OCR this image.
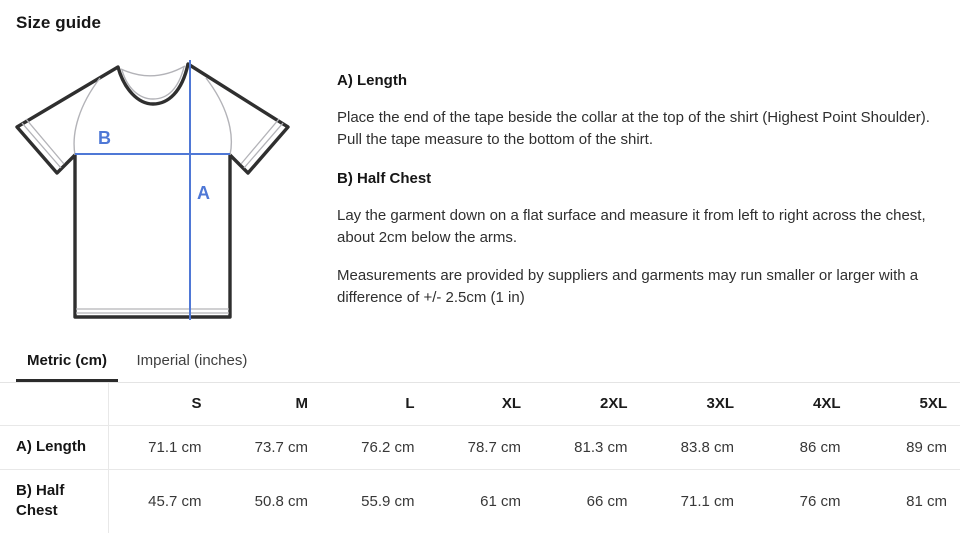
Size guide
B
A
A) Length

Place the end of the tape beside the collar at the top of the shirt (Highest Point Shoulder). Pull the tape measure to the bottom of the shirt.

B) Half Chest

Lay the garment down on a flat surface and measure it from left to right across the chest, about 2cm below the arms.

Measurements are provided by suppliers and garments may run smaller or larger with a difference of +/- 2.5cm (1 in)

Metric (cm) Imperial (inches)
	S	M	L	XL	2XL	3XL	4XL	5XL
A) Length	71.1 cm	73.7 cm	76.2 cm	78.7 cm	81.3 cm	83.8 cm	86 cm	89 cm
B) Half Chest	45.7 cm	50.8 cm	55.9 cm	61 cm	66 cm	71.1 cm	76 cm	81 cm
